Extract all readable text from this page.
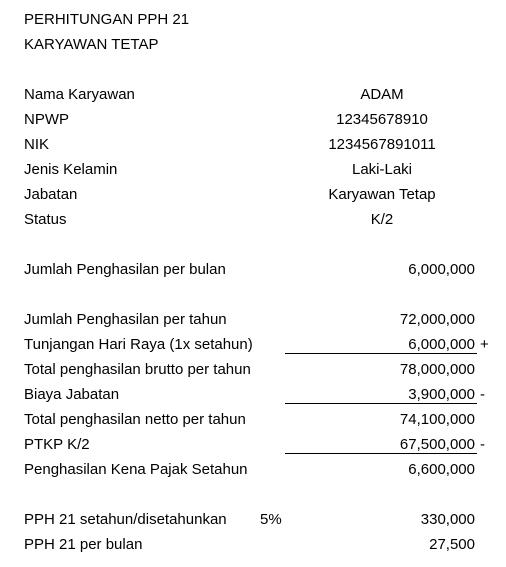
PERHITUNGAN PPH 21
KARYAWAN TETAP
Nama Karyawan	ADAM
NPWP	12345678910
NIK	1234567891011
Jenis Kelamin	Laki-Laki
Jabatan	Karyawan Tetap
Status	K/2
Jumlah Penghasilan per bulan	6,000,000
Jumlah Penghasilan per tahun	72,000,000
Tunjangan Hari Raya (1x setahun)	6,000,000 +
Total penghasilan brutto per tahun	78,000,000
Biaya Jabatan	3,900,000 -
Total penghasilan netto per tahun	74,100,000
PTKP K/2	67,500,000 -
Penghasilan Kena Pajak Setahun	6,600,000
PPH 21 setahun/disetahunkan 5%	330,000
PPH 21 per bulan	27,500
